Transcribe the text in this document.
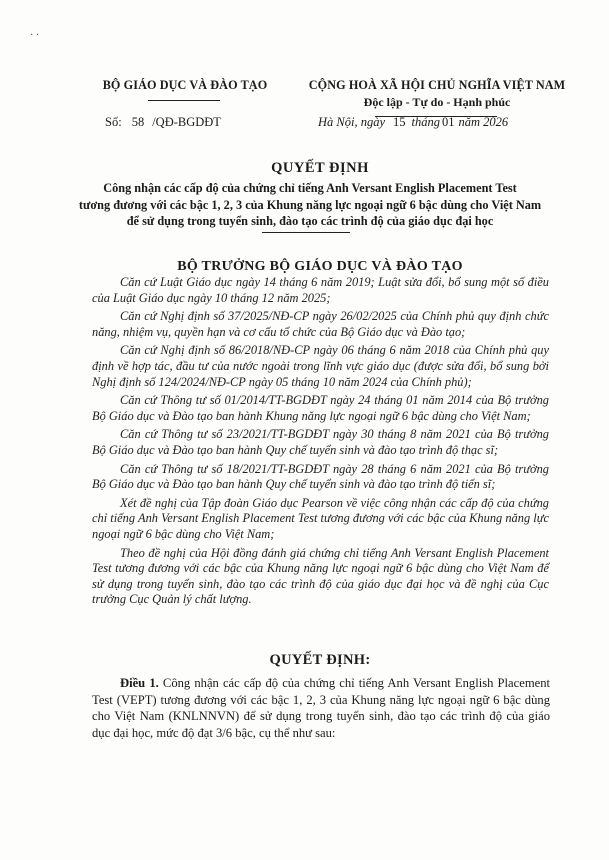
· ·
BỘ GIÁO DỤC VÀ ĐÀO TẠO	CỘNG HOÀ XÃ HỘI CHỦ NGHĨA VIỆT NAM
Độc lập - Tự do - Hạnh phúc
Số: 58 /QĐ-BGDĐT	Hà Nội, ngày 15 tháng 01 năm 2026
QUYẾT ĐỊNH
Công nhận các cấp độ của chứng chỉ tiếng Anh Versant English Placement Test
tương đương với các bậc 1, 2, 3 của Khung năng lực ngoại ngữ 6 bậc dùng cho Việt Nam
để sử dụng trong tuyển sinh, đào tạo các trình độ của giáo dục đại học
BỘ TRƯỞNG BỘ GIÁO DỤC VÀ ĐÀO TẠO

Căn cứ Luật Giáo dục ngày 14 tháng 6 năm 2019; Luật sửa đổi, bổ sung một số điều của Luật Giáo dục ngày 10 tháng 12 năm 2025;

Căn cứ Nghị định số 37/2025/NĐ-CP ngày 26/02/2025 của Chính phủ quy định chức năng, nhiệm vụ, quyền hạn và cơ cấu tổ chức của Bộ Giáo dục và Đào tạo;

Căn cứ Nghị định số 86/2018/NĐ-CP ngày 06 tháng 6 năm 2018 của Chính phủ quy định về hợp tác, đầu tư của nước ngoài trong lĩnh vực giáo dục (được sửa đổi, bổ sung bởi Nghị định số 124/2024/NĐ-CP ngày 05 tháng 10 năm 2024 của Chính phủ);

Căn cứ Thông tư số 01/2014/TT-BGDĐT ngày 24 tháng 01 năm 2014 của Bộ trưởng Bộ Giáo dục và Đào tạo ban hành Khung năng lực ngoại ngữ 6 bậc dùng cho Việt Nam;

Căn cứ Thông tư số 23/2021/TT-BGDĐT ngày 30 tháng 8 năm 2021 của Bộ trưởng Bộ Giáo dục và Đào tạo ban hành Quy chế tuyển sinh và đào tạo trình độ thạc sĩ;

Căn cứ Thông tư số 18/2021/TT-BGDĐT ngày 28 tháng 6 năm 2021 của Bộ trưởng Bộ Giáo dục và Đào tạo ban hành Quy chế tuyển sinh và đào tạo trình độ tiến sĩ;

Xét đề nghị của Tập đoàn Giáo dục Pearson về việc công nhận các cấp độ của chứng chỉ tiếng Anh Versant English Placement Test tương đương với các bậc của Khung năng lực ngoại ngữ 6 bậc dùng cho Việt Nam;

Theo đề nghị của Hội đồng đánh giá chứng chỉ tiếng Anh Versant English Placement Test tương đương với các bậc của Khung năng lực ngoại ngữ 6 bậc dùng cho Việt Nam để sử dụng trong tuyển sinh, đào tạo các trình độ của giáo dục đại học và đề nghị của Cục trưởng Cục Quản lý chất lượng.

QUYẾT ĐỊNH:

Điều 1. Công nhận các cấp độ của chứng chỉ tiếng Anh Versant English Placement Test (VEPT) tương đương với các bậc 1, 2, 3 của Khung năng lực ngoại ngữ 6 bậc dùng cho Việt Nam (KNLNNVN) để sử dụng trong tuyển sinh, đào tạo các trình độ của giáo dục đại học, mức độ đạt 3/6 bậc, cụ thể như sau:
